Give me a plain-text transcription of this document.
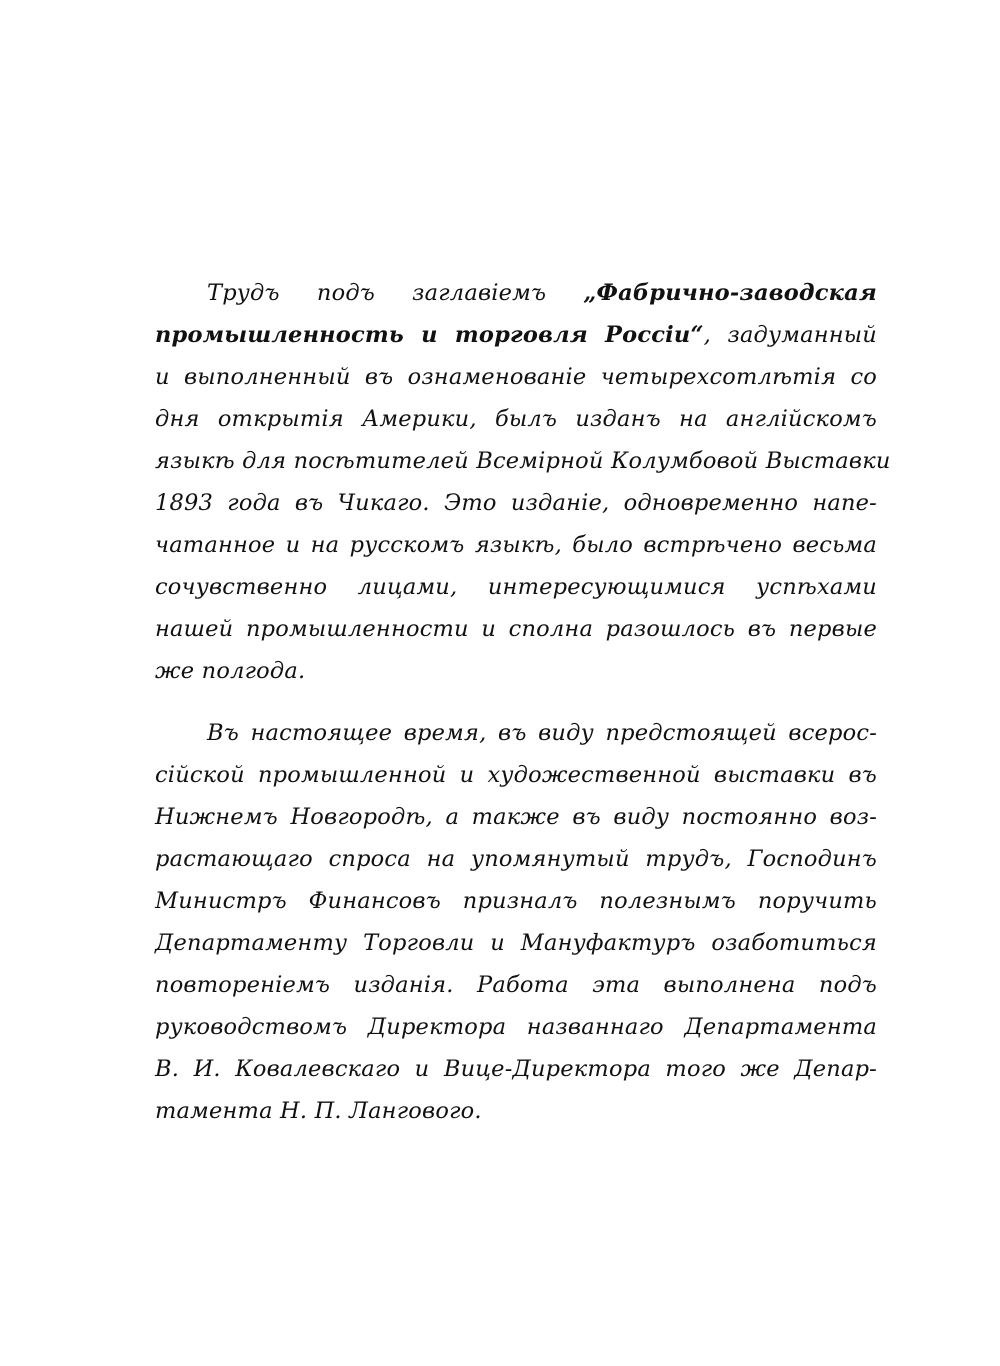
Трудъ подъ заглавіемъ „Фабрично-заводская
промышленность и торговля Россіи“, задуманный
и выполненный въ ознаменованіе четырехсотлѣтія со
дня открытія Америки, былъ изданъ на англійскомъ
языкѣ для посѣтителей Всемірной Колумбовой Выставки
1893 года въ Чикаго. Это изданіе, одновременно напе-
чатанное и на русскомъ языкѣ, было встрѣчено весьма
сочувственно лицами, интересующимися успѣхами
нашей промышленности и сполна разошлось въ первые
же полгода.
Въ настоящее время, въ виду предстоящей всерос-
сійской промышленной и художественной выставки въ
Нижнемъ Новгородѣ, а также въ виду постоянно воз-
растающаго спроса на упомянутый трудъ, Господинъ
Министръ Финансовъ призналъ полезнымъ поручить
Департаменту Торговли и Мануфактуръ озаботиться
повтореніемъ изданія. Работа эта выполнена подъ
руководствомъ Директора названнаго Департамента
В. И. Ковалевскаго и Вице-Директора того же Депар-
тамента Н. П. Лангового.
